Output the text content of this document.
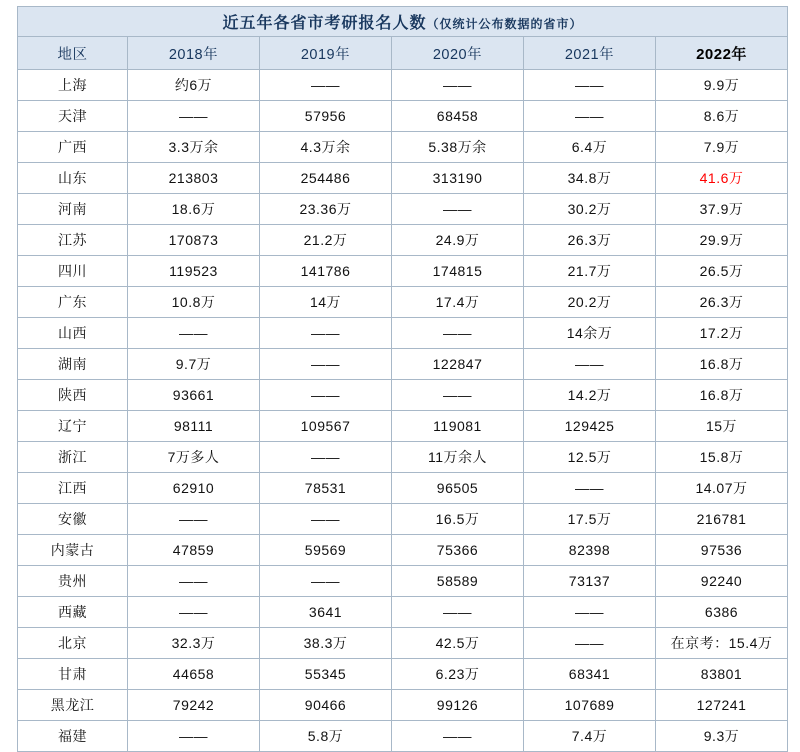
近五年各省市考研报名人数（仅统计公布数据的省市）					
地区	2018年	2019年	2020年	2021年	2022年
上海	约6万	——	——	——	9.9万
天津	——	57956	68458	——	8.6万
广西	3.3万余	4.3万余	5.38万余	6.4万	7.9万
山东	213803	254486	313190	34.8万	41.6万
河南	18.6万	23.36万	——	30.2万	37.9万
江苏	170873	21.2万	24.9万	26.3万	29.9万
四川	119523	141786	174815	21.7万	26.5万
广东	10.8万	14万	17.4万	20.2万	26.3万
山西	——	——	——	14余万	17.2万
湖南	9.7万	——	122847	——	16.8万
陕西	93661	——	——	14.2万	16.8万
辽宁	98111	109567	119081	129425	15万
浙江	7万多人	——	11万余人	12.5万	15.8万
江西	62910	78531	96505	——	14.07万
安徽	——	——	16.5万	17.5万	216781
内蒙古	47859	59569	75366	82398	97536
贵州	——	——	58589	73137	92240
西藏	——	3641	——	——	6386
北京	32.3万	38.3万	42.5万	——	在京考：15.4万
甘肃	44658	55345	6.23万	68341	83801
黑龙江	79242	90466	99126	107689	127241
福建	——	5.8万	——	7.4万	9.3万
